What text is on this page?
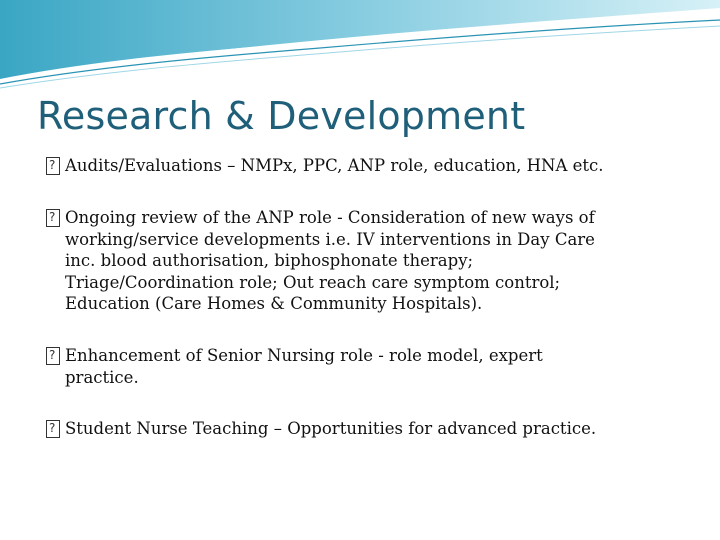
Research & Development
?
Audits/Evaluations – NMPx, PPC, ANP role, education, HNA etc.
?
Ongoing review of the ANP role - Consideration of new ways of
working/service developments i.e. IV interventions in Day Care
inc. blood authorisation, biphosphonate therapy;
Triage/Coordination role; Out reach care symptom control;
Education (Care Homes & Community Hospitals).
?
Enhancement of Senior Nursing role - role model, expert
practice.
?
Student Nurse Teaching – Opportunities for advanced practice.
